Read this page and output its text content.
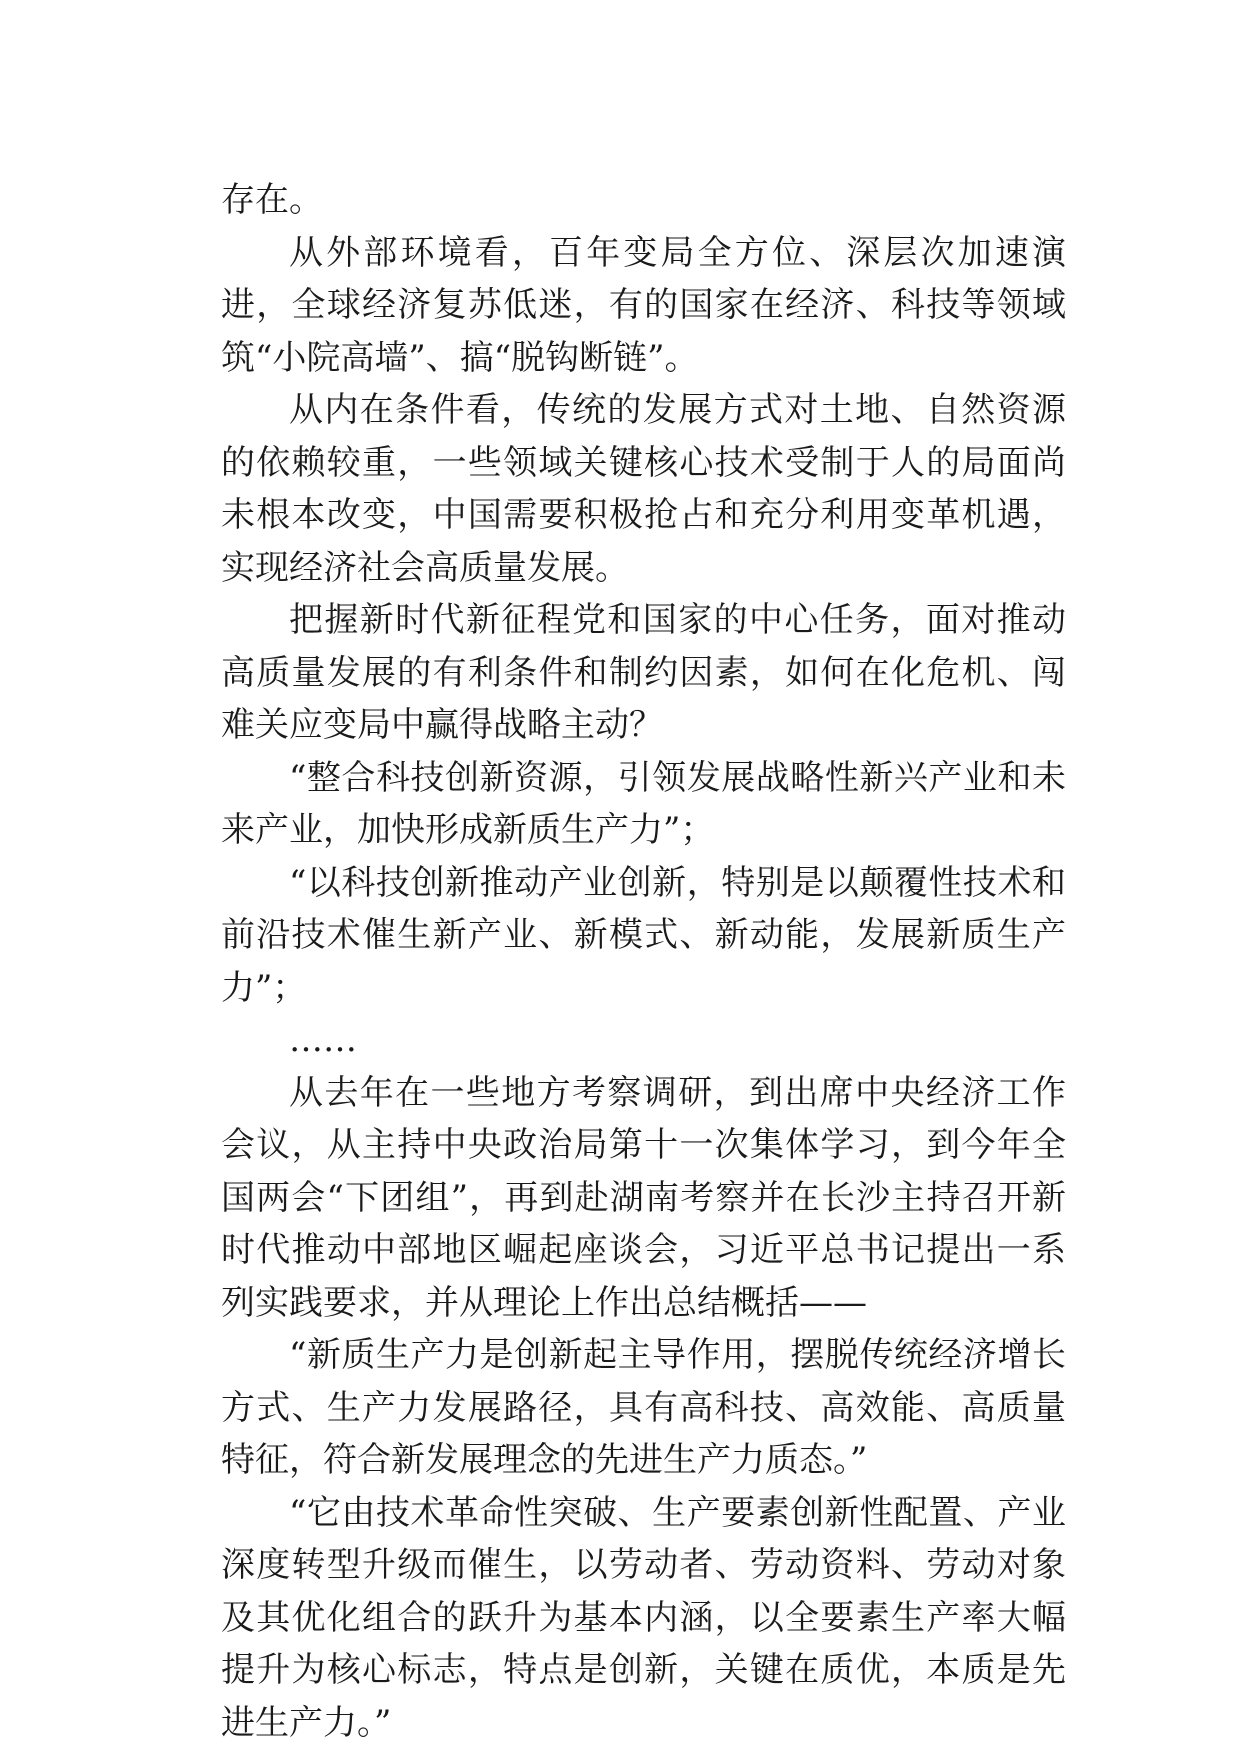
存在。

从外部环境看，百年变局全方位、深层次加速演进，全球经济复苏低迷，有的国家在经济、科技等领域筑“小院高墙”、搞“脱钩断链”。

从内在条件看，传统的发展方式对土地、自然资源的依赖较重，一些领域关键核心技术受制于人的局面尚未根本改变，中国需要积极抢占和充分利用变革机遇，实现经济社会高质量发展。

把握新时代新征程党和国家的中心任务，面对推动高质量发展的有利条件和制约因素，如何在化危机、闯难关应变局中赢得战略主动？

“整合科技创新资源，引领发展战略性新兴产业和未来产业，加快形成新质生产力”；

“以科技创新推动产业创新，特别是以颠覆性技术和前沿技术催生新产业、新模式、新动能，发展新质生产力”；

……

从去年在一些地方考察调研，到出席中央经济工作会议，从主持中央政治局第十一次集体学习，到今年全国两会“下团组”，再到赴湖南考察并在长沙主持召开新时代推动中部地区崛起座谈会，习近平总书记提出一系列实践要求，并从理论上作出总结概括——

“新质生产力是创新起主导作用，摆脱传统经济增长方式、生产力发展路径，具有高科技、高效能、高质量特征，符合新发展理念的先进生产力质态。”

“它由技术革命性突破、生产要素创新性配置、产业深度转型升级而催生，以劳动者、劳动资料、劳动对象及其优化组合的跃升为基本内涵，以全要素生产率大幅提升为核心标志，特点是创新，关键在质优，本质是先进生产力。”
